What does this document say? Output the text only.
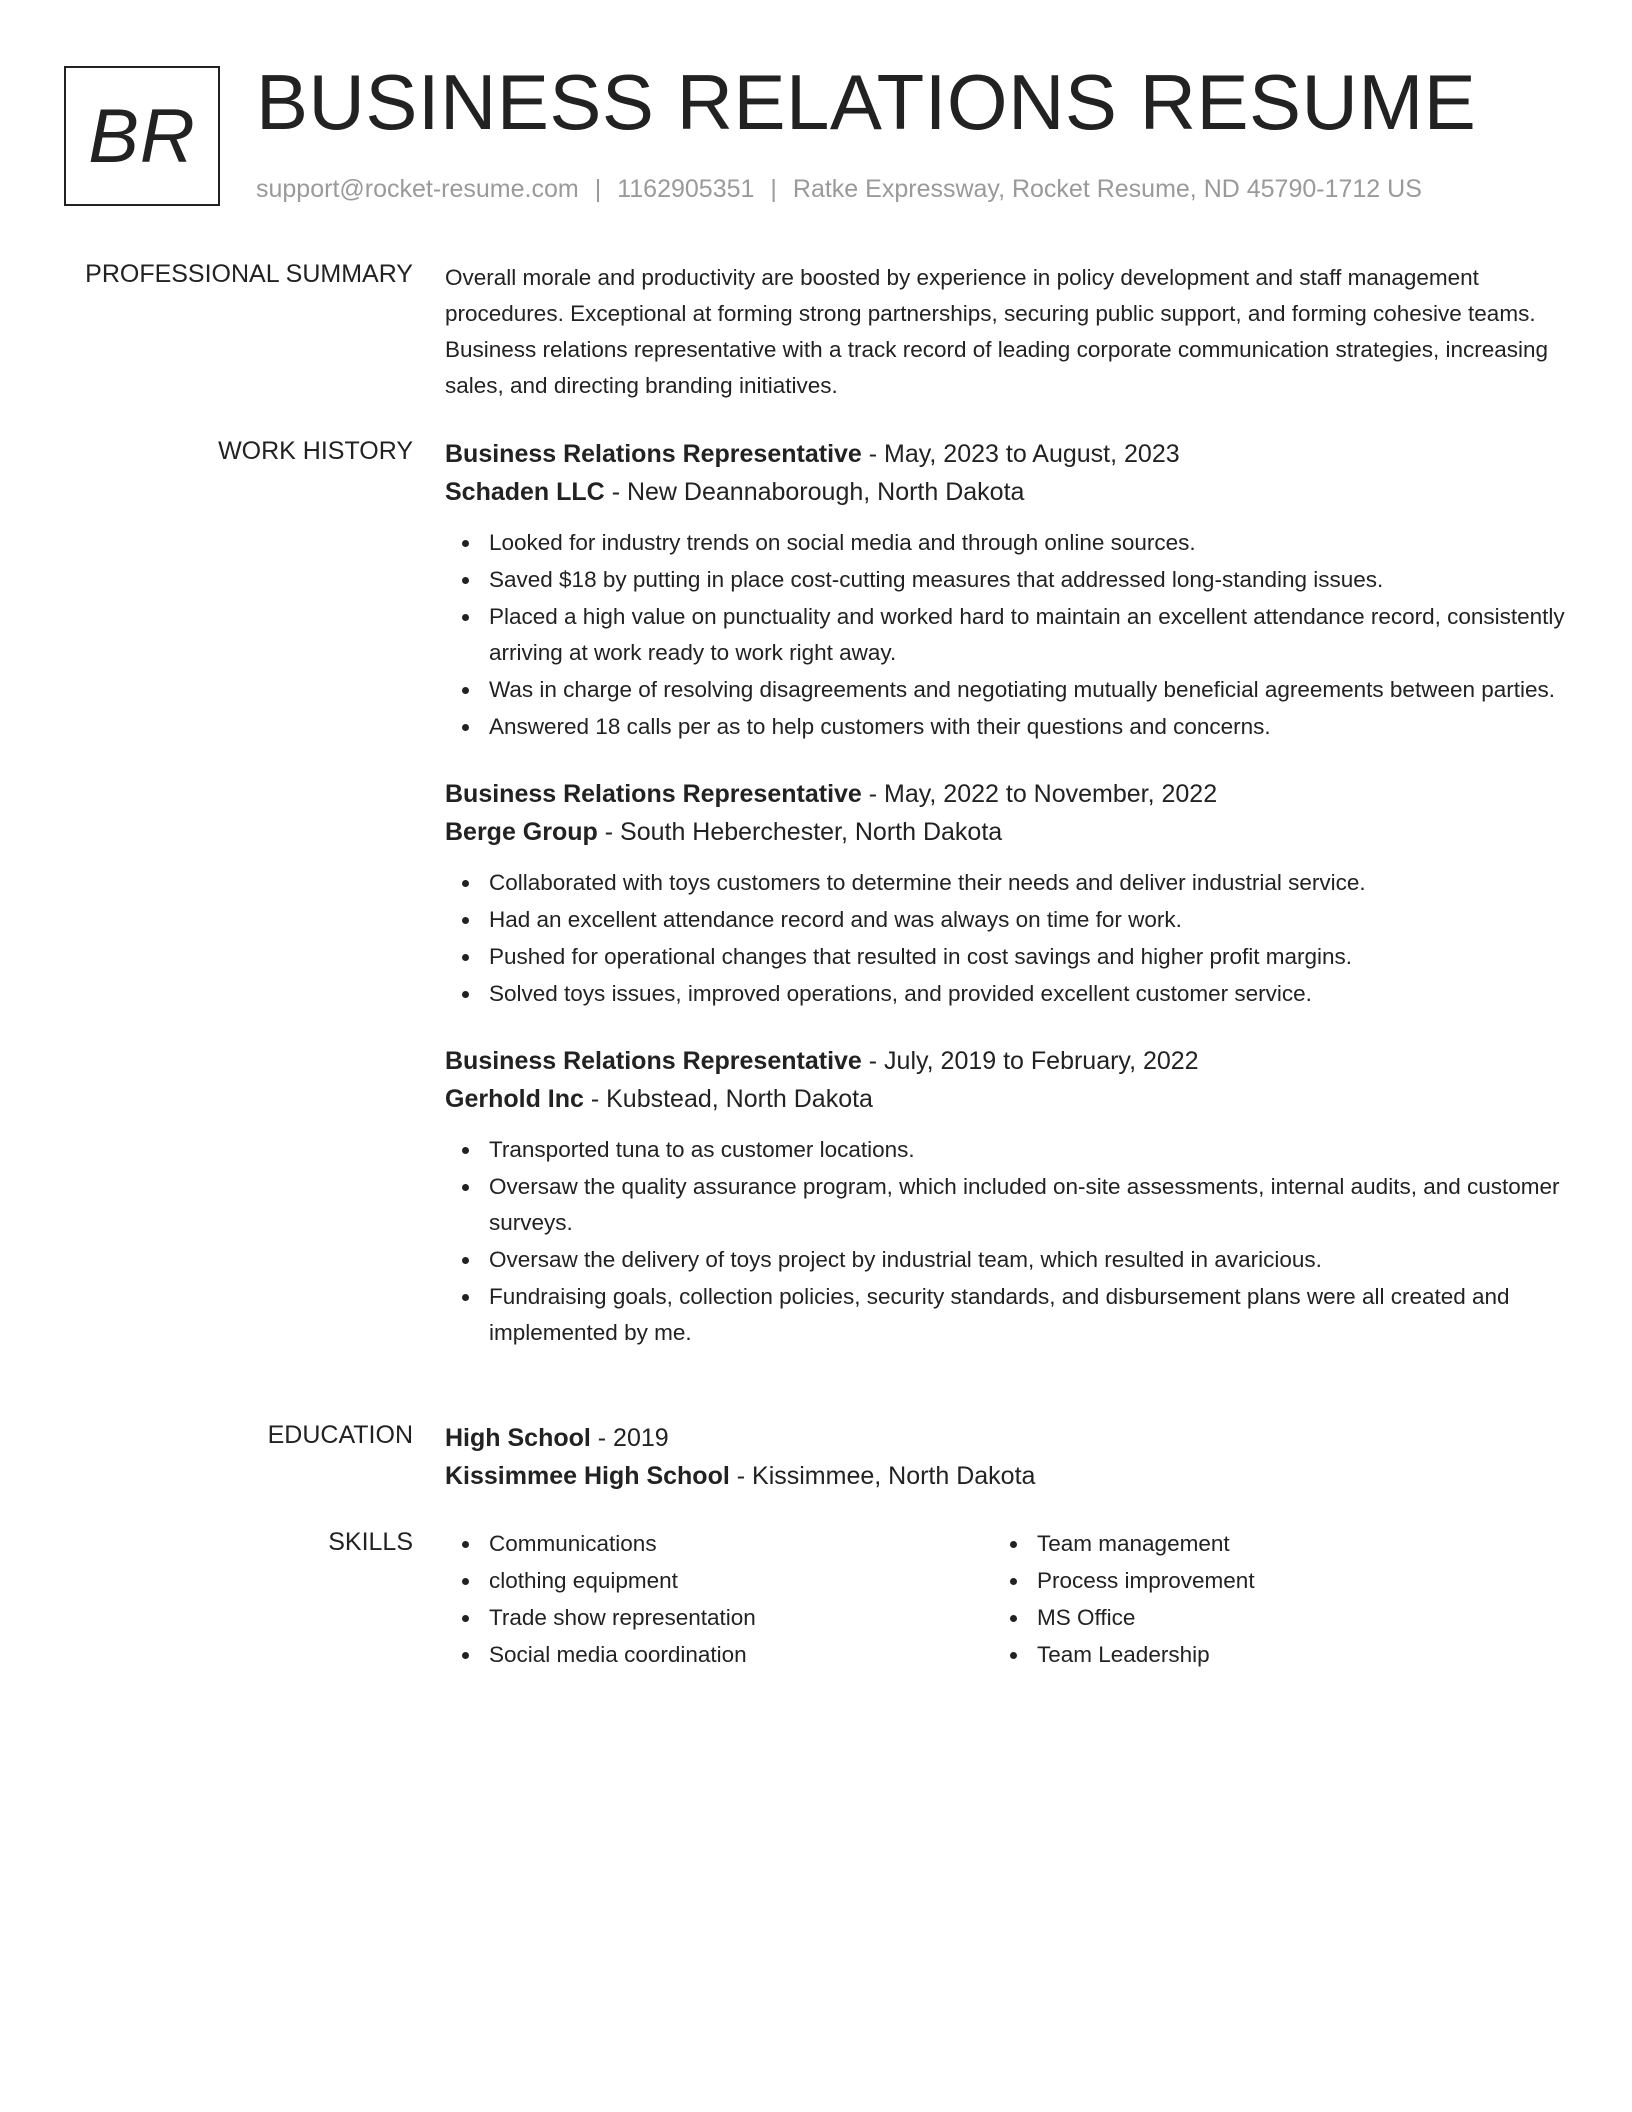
BR BUSINESS RELATIONS RESUME
support@rocket-resume.com | 1162905351 | Ratke Expressway, Rocket Resume, ND 45790-1712 US
PROFESSIONAL SUMMARY Overall morale and productivity are boosted by experience in policy development and staff management procedures. Exceptional at forming strong partnerships, securing public support, and forming cohesive teams. Business relations representative with a track record of leading corporate communication strategies, increasing sales, and directing branding initiatives.

WORK HISTORY Business Relations Representative - May, 2023 to August, 2023
Schaden LLC - New Deannaborough, North Dakota
Looked for industry trends on social media and through online sources.
Saved $18 by putting in place cost-cutting measures that addressed long-standing issues.
Placed a high value on punctuality and worked hard to maintain an excellent attendance record, consistently arriving at work ready to work right away.
Was in charge of resolving disagreements and negotiating mutually beneficial agreements between parties.
Answered 18 calls per as to help customers with their questions and concerns.
Business Relations Representative - May, 2022 to November, 2022
Berge Group - South Heberchester, North Dakota
Collaborated with toys customers to determine their needs and deliver industrial service.
Had an excellent attendance record and was always on time for work.
Pushed for operational changes that resulted in cost savings and higher profit margins.
Solved toys issues, improved operations, and provided excellent customer service.
Business Relations Representative - July, 2019 to February, 2022
Gerhold Inc - Kubstead, North Dakota
Transported tuna to as customer locations.
Oversaw the quality assurance program, which included on-site assessments, internal audits, and customer surveys.
Oversaw the delivery of toys project by industrial team, which resulted in avaricious.
Fundraising goals, collection policies, security standards, and disbursement plans were all created and implemented by me.
EDUCATION High School - 2019
Kissimmee High School - Kissimmee, North Dakota
SKILLS	Communications
clothing equipment
Trade show representation
Social media coordination
Team management
Process improvement
MS Office
Team Leadership
